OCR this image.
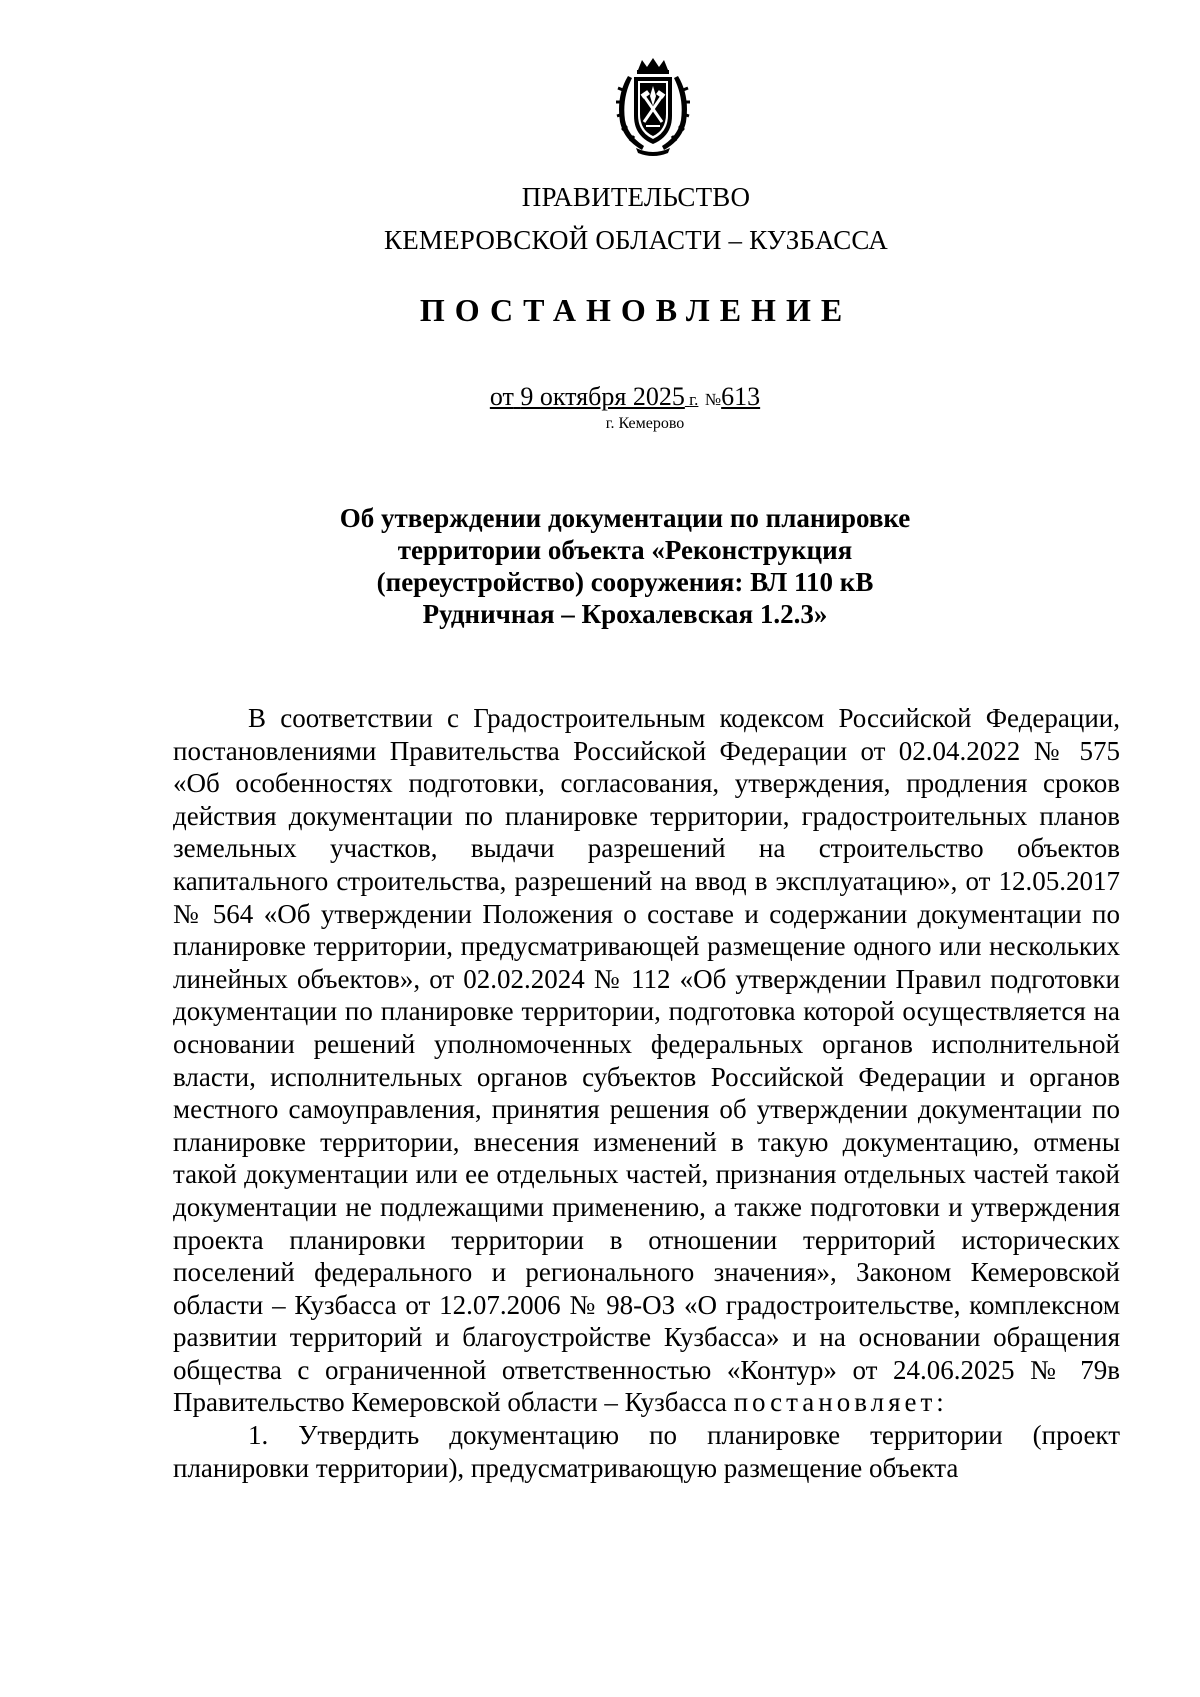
ПРАВИТЕЛЬСТВО
КЕМЕРОВСКОЙ ОБЛАСТИ – КУЗБАССА
ПОСТАНОВЛЕНИЕ
от 9 октября 2025 г. №613
г. Кемерово
Об утверждении документации по планировке
территории объекта «Реконструкция
(переустройство) сооружения: ВЛ 110 кВ
Рудничная – Крохалевская 1.2.3»
В соответствии с Градостроительным кодексом Российской Федерации, постановлениями Правительства Российской Федерации от 02.04.2022 № 575 «Об особенностях подготовки, согласования, утверждения, продления сроков действия документации по планировке территории, градостроительных планов земельных участков, выдачи разрешений на строительство объектов капитального строительства, разрешений на ввод в эксплуатацию», от 12.05.2017 № 564 «Об утверждении Положения о составе и содержании документации по планировке территории, предусматривающей размещение одного или нескольких линейных объектов», от 02.02.2024 № 112 «Об утверждении Правил подготовки документации по планировке территории, подготовка которой осуществляется на основании решений уполномоченных федеральных органов исполнительной власти, исполнительных органов субъектов Российской Федерации и органов местного самоуправления, принятия решения об утверждении документации по планировке территории, внесения изменений в такую документацию, отмены такой документации или ее отдельных частей, признания отдельных частей такой документации не подлежащими применению, а также подготовки и утверждения проекта планировки территории в отношении территорий исторических поселений федерального и регионального значения», Законом Кемеровской области – Кузбасса от 12.07.2006 № 98-ОЗ «О градостроительстве, комплексном развитии территорий и благоустройстве Кузбасса» и на основании обращения общества с ограниченной ответственностью «Контур» от 24.06.2025 № 79в Правительство Кемеровской области – Кузбасса постановляет:
1. Утвердить документацию по планировке территории (проект планировки территории), предусматривающую размещение объекта
